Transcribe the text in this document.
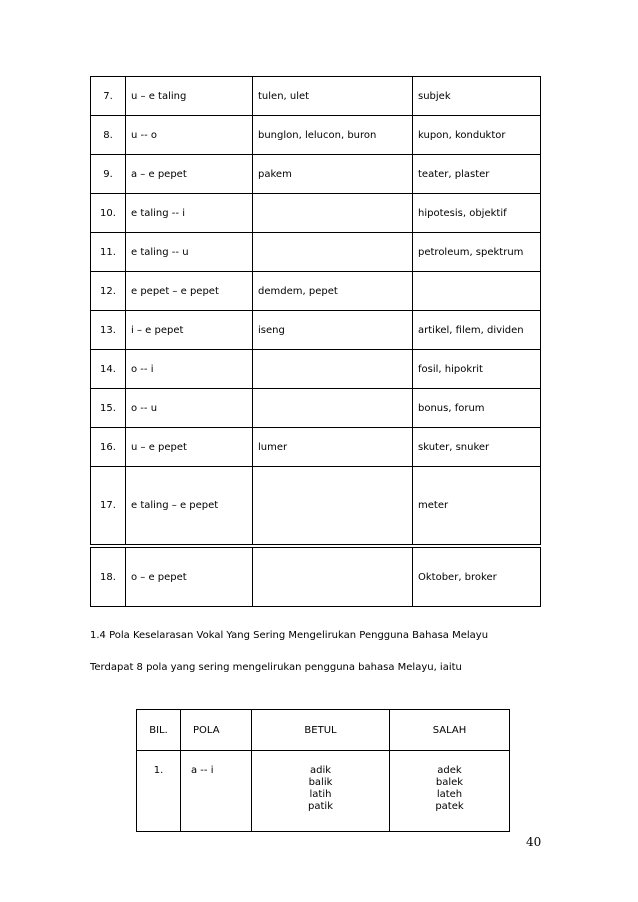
7.	u – e taling	tulen, ulet	subjek
8.	u -- o	bunglon, lelucon, buron	kupon, konduktor
9.	a – e pepet	pakem	teater, plaster
10.	e taling -- i		hipotesis, objektif
11.	e taling -- u		petroleum, spektrum
12.	e pepet – e pepet	demdem, pepet	
13.	i – e pepet	iseng	artikel, filem, dividen
14.	o -- i		fosil, hipokrit
15.	o -- u		bonus, forum
16.	u – e pepet	lumer	skuter, snuker
17.	e taling – e pepet		meter
18.	o – e pepet		Oktober, broker

1.4 Pola Keselarasan Vokal Yang Sering Mengelirukan Pengguna Bahasa Melayu

Terdapat 8 pola yang sering mengelirukan pengguna bahasa Melayu, iaitu

BIL.	POLA	BETUL	SALAH
1.	a -- i	adik
balik
latih
patik	adek
balek
lateh
patek
40
